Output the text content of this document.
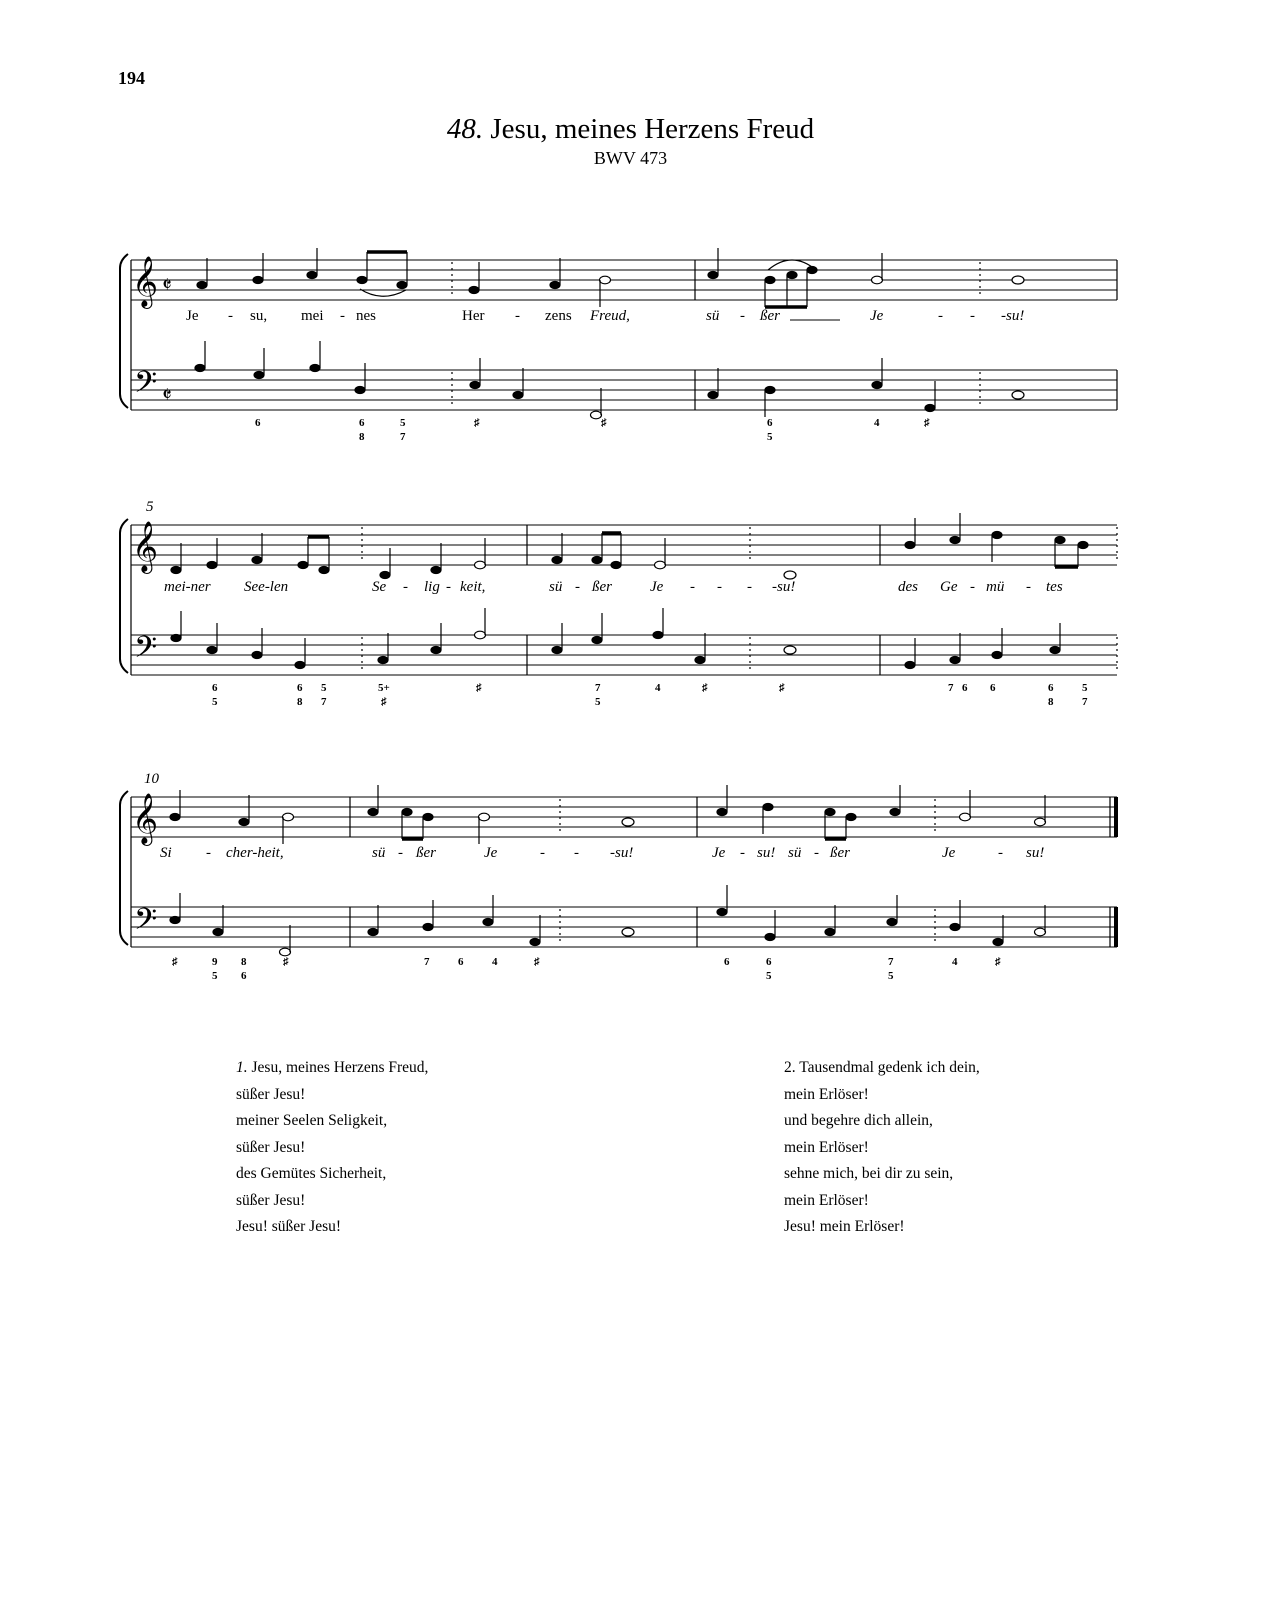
194
48. Jesu, meines Herzens Freud
BWV 473
𝄞 𝄵
𝄢 𝄵
Je - su, mei - nes	Her - zens Freud,	sü - ßer	Je	- - -su!
6	6
8
5
7
♯	♯	6
5
4	♯
5
𝄞
𝄢
mei-ner See-len	Se - lig - keit,	sü - ßer	Je - - - -su!	des Ge - mü - tes
6
5
6
8
5
7
5+
♯
♯	7
5
4	♯	♯	7 6 6	6
8
5
7
10
𝄞
𝄢
Si - cher-heit,	sü - ßer	Je	- - -su!	Je - su! sü - ßer	Je	- su!
♯	9
5
8
6
♯	7	6	4	♯	6	6
5
7
5
4	♯
1. Jesu, meines Herzens Freud,
süßer Jesu!
meiner Seelen Seligkeit,
süßer Jesu!
des Gemütes Sicherheit,
süßer Jesu!
Jesu! süßer Jesu!
2. Tausendmal gedenk ich dein,
mein Erlöser!
und begehre dich allein,
mein Erlöser!
sehne mich, bei dir zu sein,
mein Erlöser!
Jesu! mein Erlöser!
